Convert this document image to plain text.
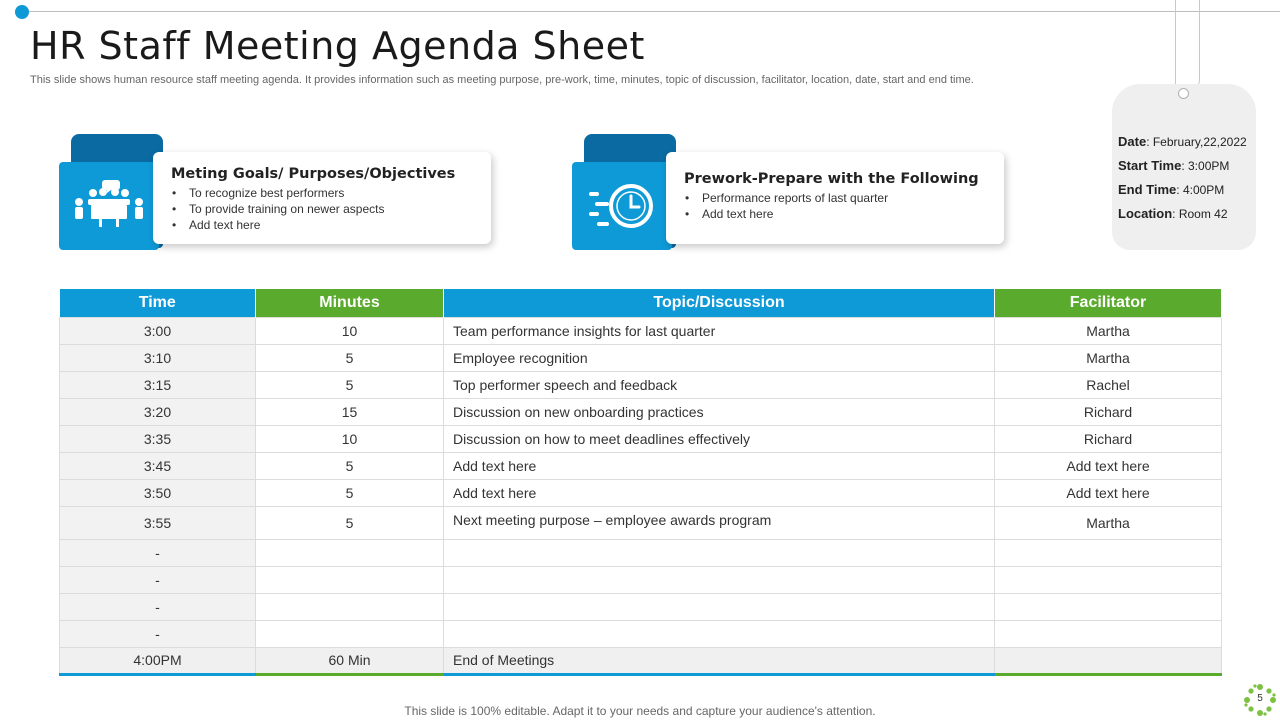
HR Staff Meeting Agenda Sheet

This slide shows human resource staff meeting agenda. It provides information such as meeting purpose, pre-work, time, minutes, topic of discussion, facilitator, location, date, start and end time.

Meting Goals/ Purposes/Objectives
• To recognize best performers
• To provide training on newer aspects
• Add text here
Prework-Prepare with the Following
• Performance reports of last quarter
• Add text here
Date: February,22,2022
Start Time: 3:00PM
End Time: 4:00PM
Location: Room 42
Time	Minutes	Topic/Discussion	Facilitator
3:00	10	Team performance insights for last quarter	Martha
3:10	5	Employee recognition	Martha
3:15	5	Top performer speech and feedback	Rachel
3:20	15	Discussion on new onboarding practices	Richard
3:35	10	Discussion on how to meet deadlines effectively	Richard
3:45	5	Add text here	Add text here
3:50	5	Add text here	Add text here
3:55	5	Next meeting purpose – employee awards program	Martha
-			
-			
-			
-			
4:00PM	60 Min	End of Meetings	
This slide is 100% editable. Adapt it to your needs and capture your audience's attention.
5
